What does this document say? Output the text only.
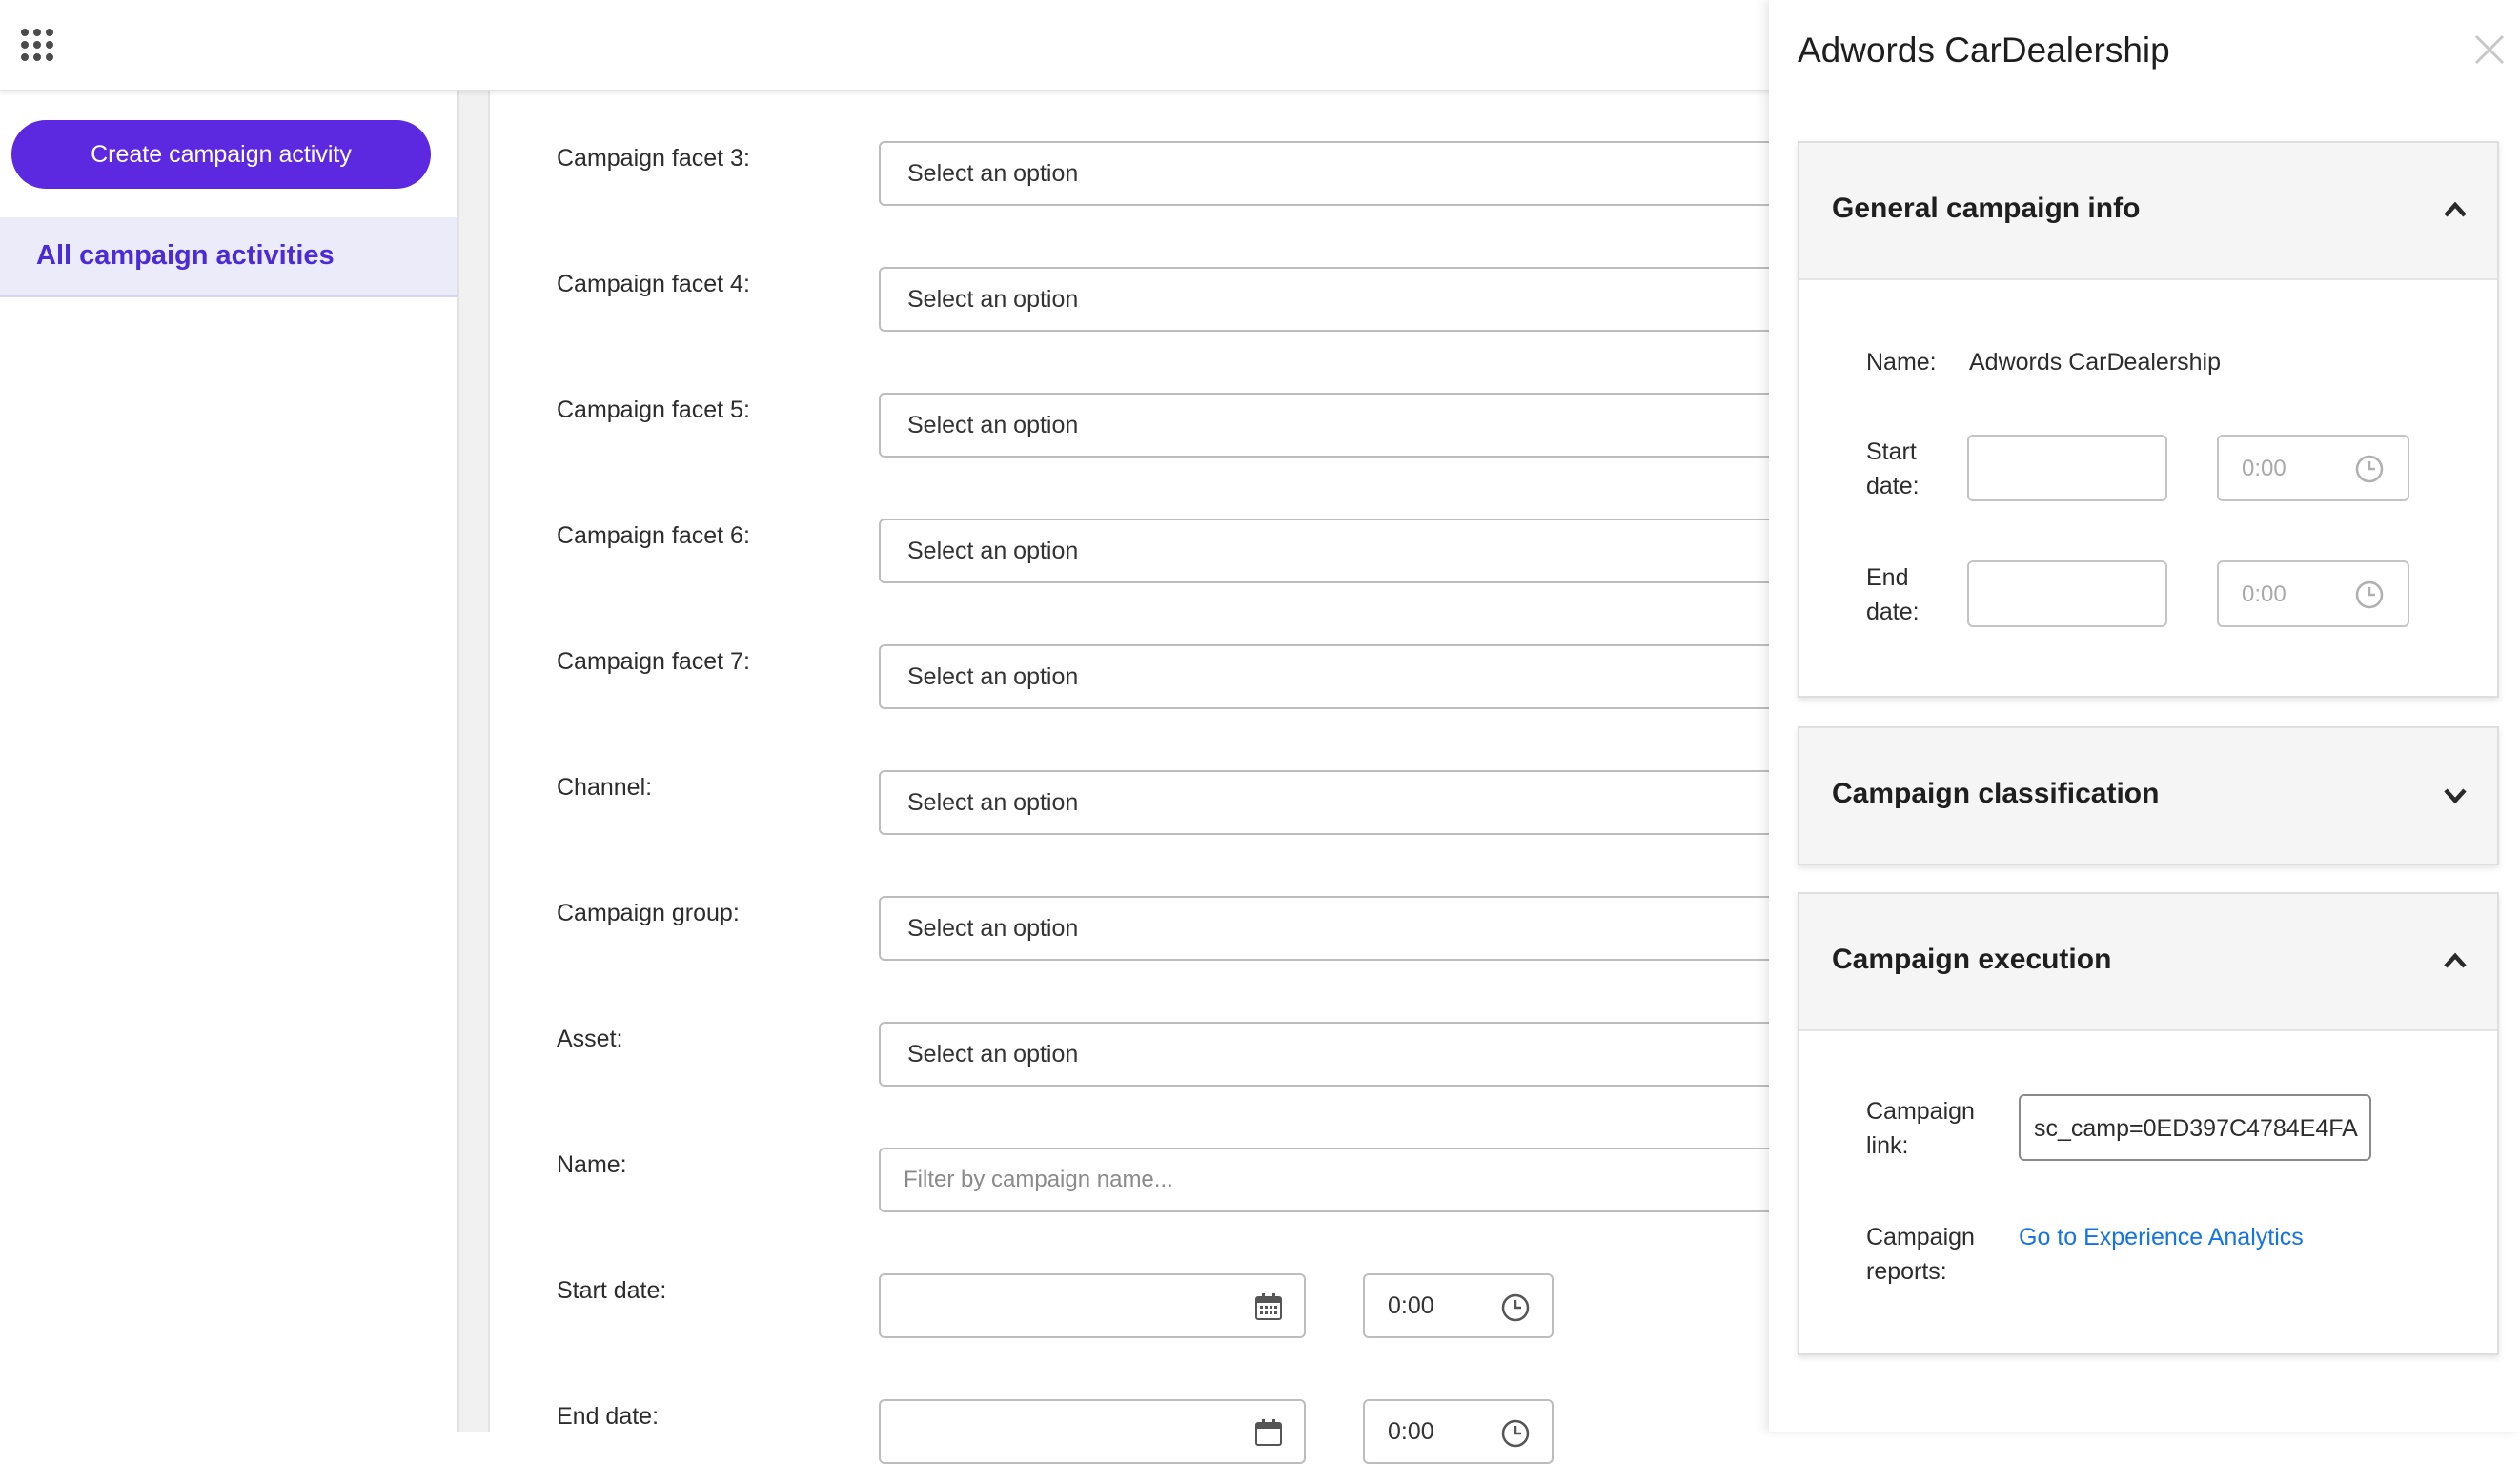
Create campaign activity
All campaign activities
Campaign facet 3:
Select an option
Campaign facet 4:
Select an option
Campaign facet 5:
Select an option
Campaign facet 6:
Select an option
Campaign facet 7:
Select an option
Channel:
Select an option
Campaign group:
Select an option
Asset:
Select an option
Name:
Filter by campaign name...
Start date:
0:00
End date:
0:00
Adwords CarDealership
General campaign info
Name: Adwords CarDealership
Start
date:
0:00
End
date:
0:00
Campaign classification
Campaign execution
Campaign
link:
sc_camp=0ED397C4784E4FA
Campaign
reports:
Go to Experience Analytics
